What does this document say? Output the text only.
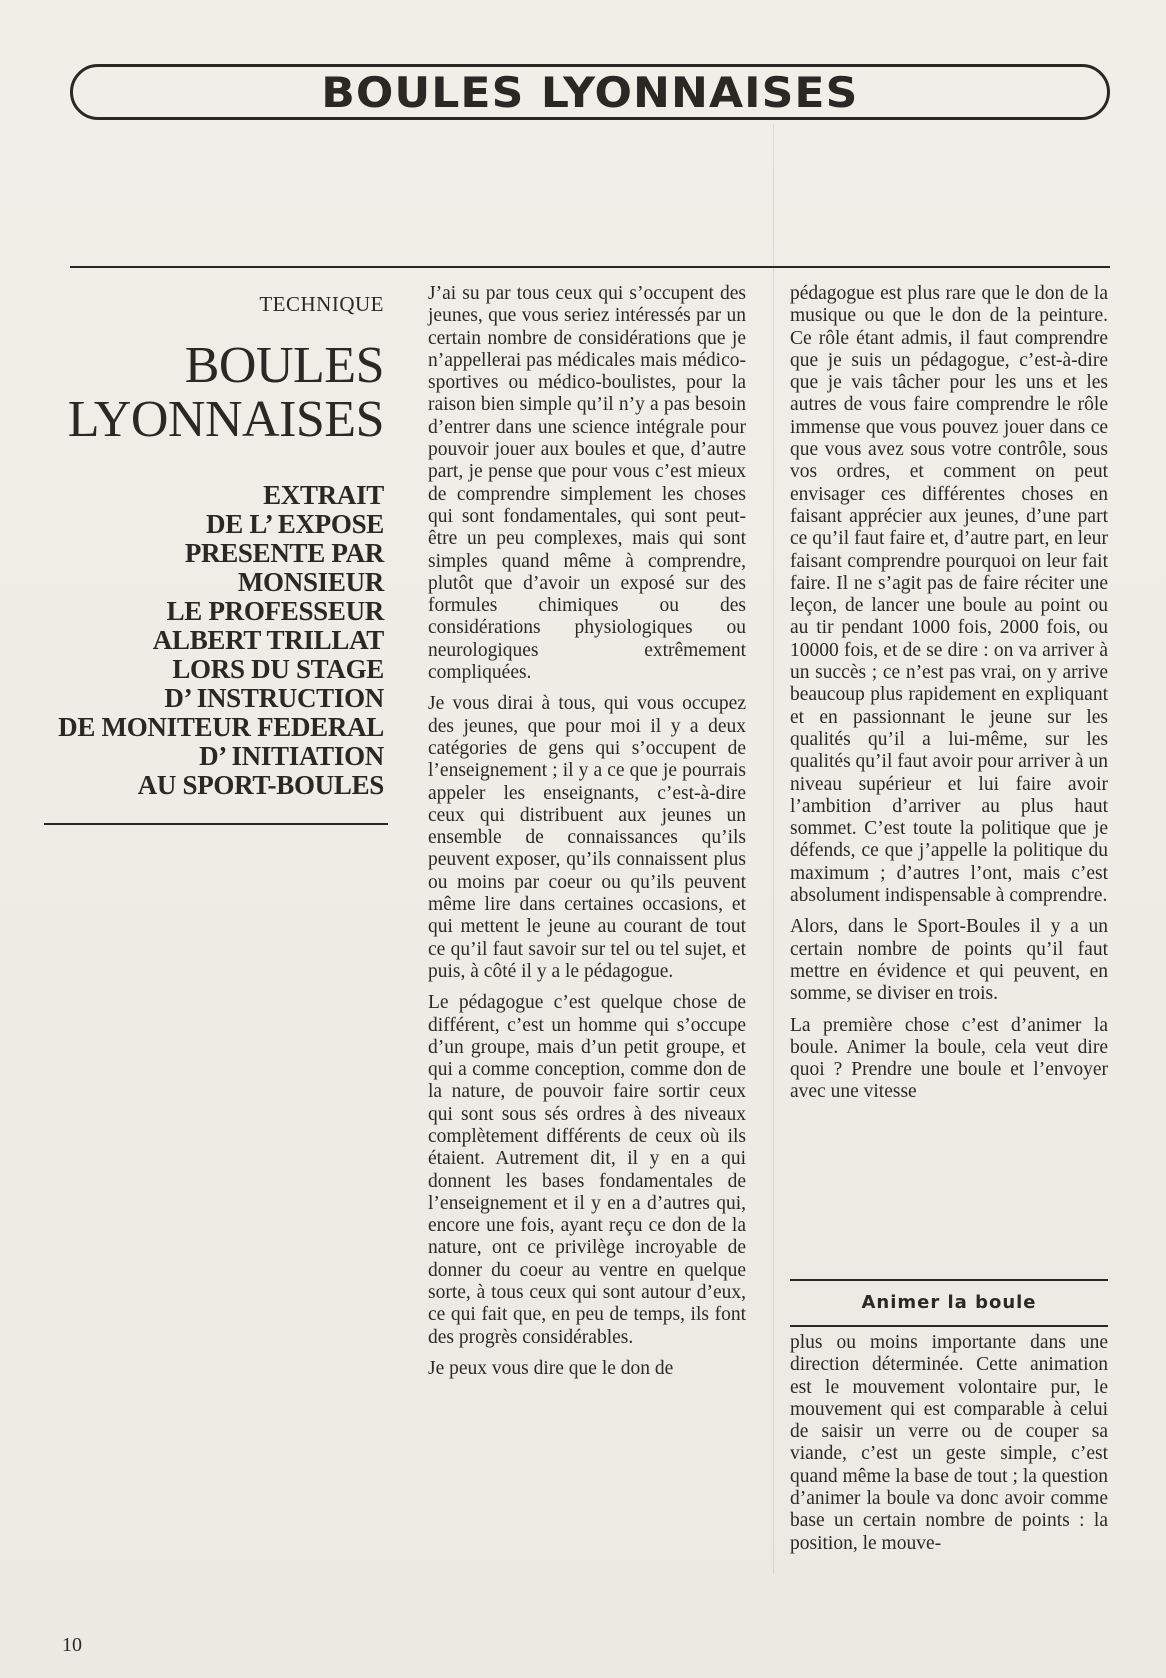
BOULES LYONNAISES
TECHNIQUE
BOULES
LYONNAISES
EXTRAIT
DE L’ EXPOSE
PRESENTE PAR
MONSIEUR
LE PROFESSEUR
ALBERT TRILLAT
LORS DU STAGE
D’ INSTRUCTION
DE MONITEUR FEDERAL
D’ INITIATION
AU SPORT-BOULES

J’ai su par tous ceux qui s’occupent des jeunes, que vous seriez intéressés par un certain nombre de considérations que je n’appellerai pas médicales mais médico-sportives ou médico-boulistes, pour la raison bien simple qu’il n’y a pas besoin d’entrer dans une science intégrale pour pouvoir jouer aux boules et que, d’autre part, je pense que pour vous c’est mieux de comprendre simplement les choses qui sont fondamentales, qui sont peut-être un peu complexes, mais qui sont simples quand même à comprendre, plutôt que d’avoir un exposé sur des formules chimiques ou des considérations physiologiques ou neurologiques extrêmement compliquées.

Je vous dirai à tous, qui vous occupez des jeunes, que pour moi il y a deux catégories de gens qui s’occupent de l’enseignement ; il y a ce que je pourrais appeler les enseignants, c’est-à-dire ceux qui distribuent aux jeunes un ensemble de connaissances qu’ils peuvent exposer, qu’ils connaissent plus ou moins par coeur ou qu’ils peuvent même lire dans certaines occasions, et qui mettent le jeune au courant de tout ce qu’il faut savoir sur tel ou tel sujet, et puis, à côté il y a le pédagogue.

Le pédagogue c’est quelque chose de différent, c’est un homme qui s’occupe d’un groupe, mais d’un petit groupe, et qui a comme conception, comme don de la nature, de pouvoir faire sortir ceux qui sont sous sés ordres à des niveaux complètement différents de ceux où ils étaient. Autrement dit, il y en a qui donnent les bases fondamentales de l’enseignement et il y en a d’autres qui, encore une fois, ayant reçu ce don de la nature, ont ce privilège incroyable de donner du coeur au ventre en quelque sorte, à tous ceux qui sont autour d’eux, ce qui fait que, en peu de temps, ils font des progrès considérables.

Je peux vous dire que le don de

pédagogue est plus rare que le don de la musique ou que le don de la peinture. Ce rôle étant admis, il faut comprendre que je suis un pédagogue, c’est-à-dire que je vais tâcher pour les uns et les autres de vous faire comprendre le rôle immense que vous pouvez jouer dans ce que vous avez sous votre contrôle, sous vos ordres, et comment on peut envisager ces différentes choses en faisant apprécier aux jeunes, d’une part ce qu’il faut faire et, d’autre part, en leur faisant comprendre pourquoi on leur fait faire. Il ne s’agit pas de faire réciter une leçon, de lancer une boule au point ou au tir pendant 1000 fois, 2000 fois, ou 10000 fois, et de se dire : on va arriver à un succès ; ce n’est pas vrai, on y arrive beaucoup plus rapidement en expliquant et en passionnant le jeune sur les qualités qu’il a lui-même, sur les qualités qu’il faut avoir pour arriver à un niveau supérieur et lui faire avoir l’ambition d’arriver au plus haut sommet. C’est toute la politique que je défends, ce que j’appelle la politique du maximum ; d’autres l’ont, mais c’est absolument indispensable à comprendre.

Alors, dans le Sport-Boules il y a un certain nombre de points qu’il faut mettre en évidence et qui peuvent, en somme, se diviser en trois.

La première chose c’est d’animer la boule. Animer la boule, cela veut dire quoi ? Prendre une boule et l’envoyer avec une vitesse

Animer la boule

plus ou moins importante dans une direction déterminée. Cette animation est le mouvement volontaire pur, le mouvement qui est comparable à celui de saisir un verre ou de couper sa viande, c’est un geste simple, c’est quand même la base de tout ; la question d’animer la boule va donc avoir comme base un certain nombre de points : la position, le mouve-

10
